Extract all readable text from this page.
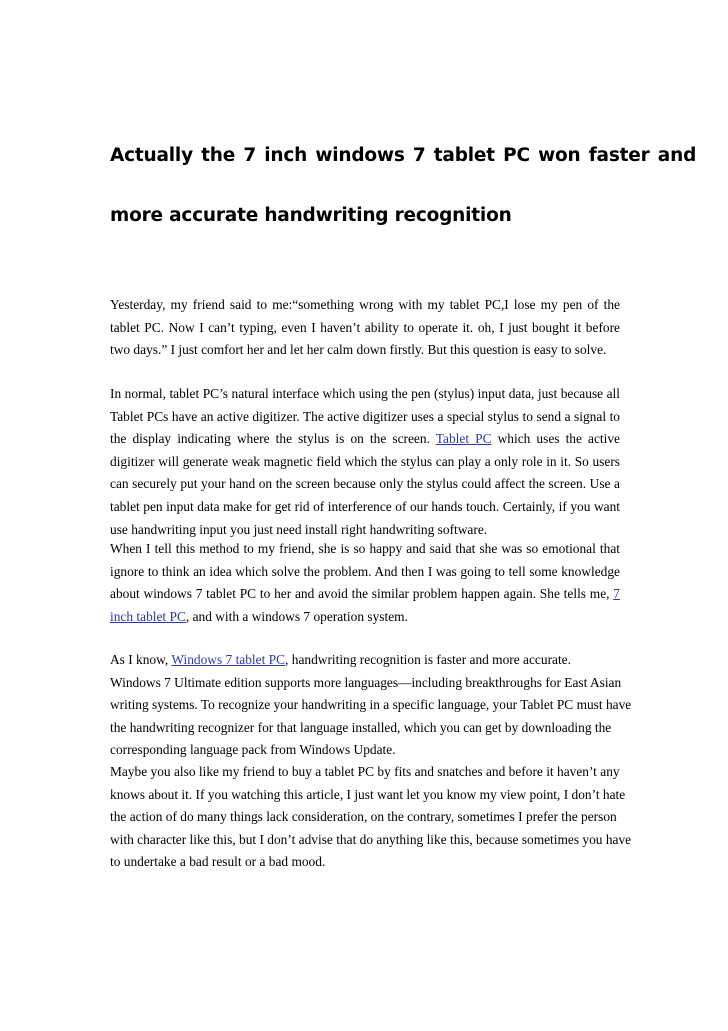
Actually the 7 inch windows 7 tablet PC won faster and
more accurate handwriting recognition

Yesterday, my friend said to me:“something wrong with my tablet PC,I lose my pen of the tablet PC. Now I can’t typing, even I haven’t ability to operate it. oh, I just bought it before two days.” I just comfort her and let her calm down firstly. But this question is easy to solve.

In normal, tablet PC’s natural interface which using the pen (stylus) input data, just because all Tablet PCs have an active digitizer. The active digitizer uses a special stylus to send a signal to the display indicating where the stylus is on the screen. Tablet PC which uses the active digitizer will generate weak magnetic field which the stylus can play a only role in it. So users can securely put your hand on the screen because only the stylus could affect the screen. Use a tablet pen input data make for get rid of interference of our hands touch. Certainly, if you want use handwriting input you just need install right handwriting software.

When I tell this method to my friend, she is so happy and said that she was so emotional that ignore to think an idea which solve the problem. And then I was going to tell some knowledge about windows 7 tablet PC to her and avoid the similar problem happen again. She tells me, 7 inch tablet PC, and with a windows 7 operation system.

As I know, Windows 7 tablet PC, handwriting recognition is faster and more accurate.
Windows 7 Ultimate edition supports more languages—including breakthroughs for East Asian
writing systems. To recognize your handwriting in a specific language, your Tablet PC must have
the handwriting recognizer for that language installed, which you can get by downloading the
corresponding language pack from Windows Update.

Maybe you also like my friend to buy a tablet PC by fits and snatches and before it haven’t any
knows about it. If you watching this article, I just want let you know my view point, I don’t hate
the action of do many things lack consideration, on the contrary, sometimes I prefer the person
with character like this, but I don’t advise that do anything like this, because sometimes you have
to undertake a bad result or a bad mood.
